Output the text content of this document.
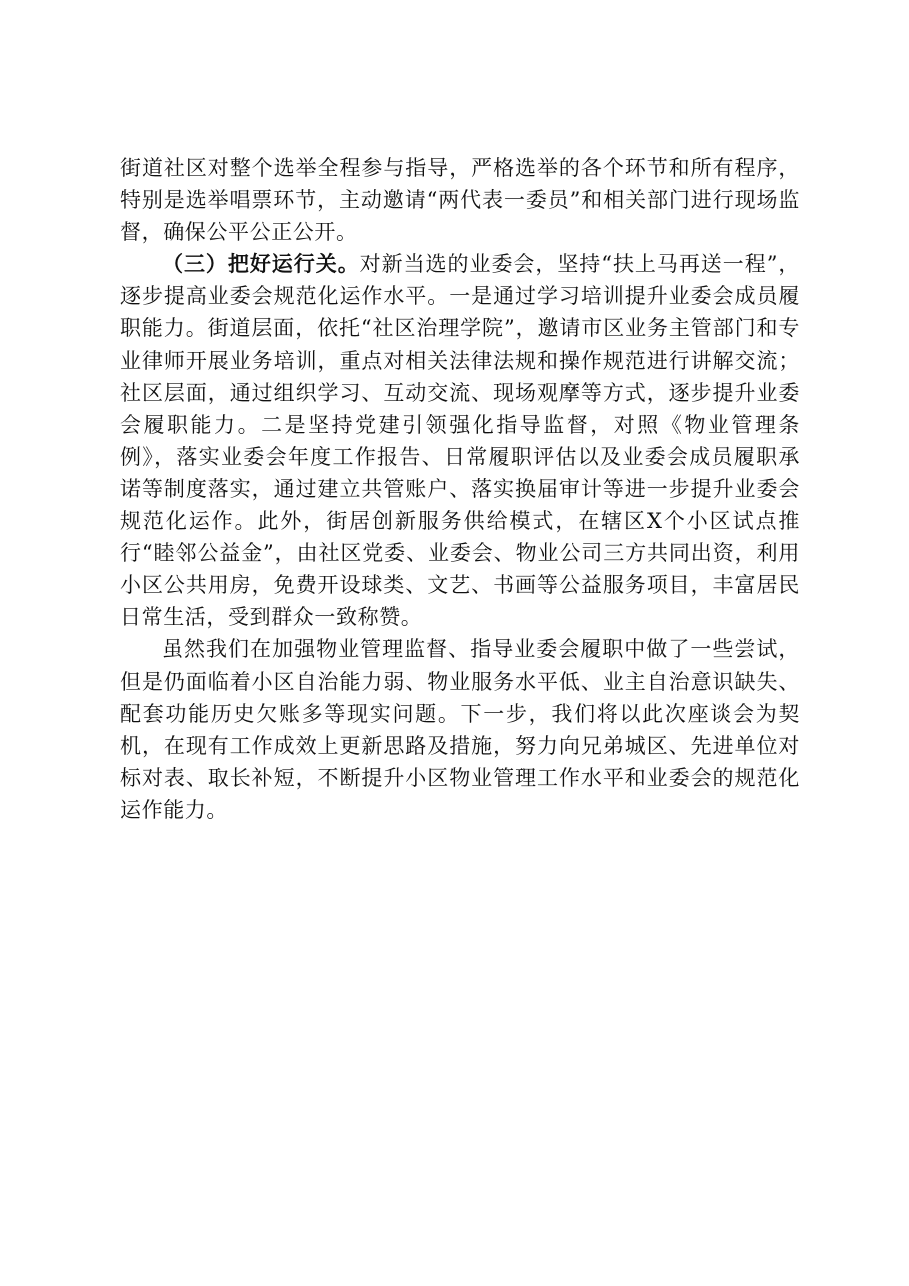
街道社区对整个选举全程参与指导，严格选举的各个环节和所有程序，特别是选举唱票环节，主动邀请“两代表一委员”和相关部门进行现场监督，确保公平公正公开。

（三）把好运行关。对新当选的业委会，坚持“扶上马再送一程”，逐步提高业委会规范化运作水平。一是通过学习培训提升业委会成员履职能力。街道层面，依托“社区治理学院”，邀请市区业务主管部门和专业律师开展业务培训，重点对相关法律法规和操作规范进行讲解交流；社区层面，通过组织学习、互动交流、现场观摩等方式，逐步提升业委会履职能力。二是坚持党建引领强化指导监督，对照《物业管理条例》，落实业委会年度工作报告、日常履职评估以及业委会成员履职承诺等制度落实，通过建立共管账户、落实换届审计等进一步提升业委会规范化运作。此外，街居创新服务供给模式，在辖区X个小区试点推行“睦邻公益金”，由社区党委、业委会、物业公司三方共同出资，利用小区公共用房，免费开设球类、文艺、书画等公益服务项目，丰富居民日常生活，受到群众一致称赞。

虽然我们在加强物业管理监督、指导业委会履职中做了一些尝试，但是仍面临着小区自治能力弱、物业服务水平低、业主自治意识缺失、配套功能历史欠账多等现实问题。下一步，我们将以此次座谈会为契机，在现有工作成效上更新思路及措施，努力向兄弟城区、先进单位对标对表、取长补短，不断提升小区物业管理工作水平和业委会的规范化运作能力。
